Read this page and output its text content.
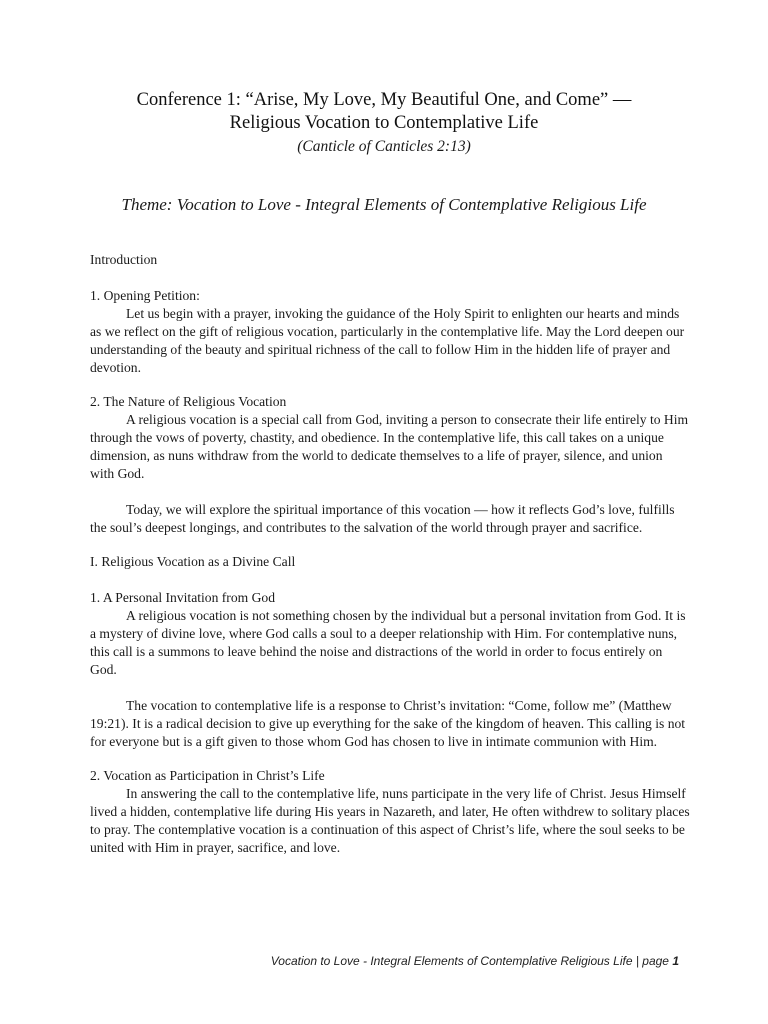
Conference 1: “Arise, My Love, My Beautiful One, and Come” —
Religious Vocation to Contemplative Life
(Canticle of Canticles 2:13)
Theme: Vocation to Love - Integral Elements of Contemplative Religious Life

Introduction

1. Opening Petition:

Let us begin with a prayer, invoking the guidance of the Holy Spirit to enlighten our hearts and minds as we reflect on the gift of religious vocation, particularly in the contemplative life. May the Lord deepen our understanding of the beauty and spiritual richness of the call to follow Him in the hidden life of prayer and devotion.

2. The Nature of Religious Vocation

A religious vocation is a special call from God, inviting a person to consecrate their life entirely to Him through the vows of poverty, chastity, and obedience. In the contemplative life, this call takes on a unique dimension, as nuns withdraw from the world to dedicate themselves to a life of prayer, silence, and union with God.

Today, we will explore the spiritual importance of this vocation — how it reflects God’s love, fulfills the soul’s deepest longings, and contributes to the salvation of the world through prayer and sacrifice.

I. Religious Vocation as a Divine Call

1. A Personal Invitation from God

A religious vocation is not something chosen by the individual but a personal invitation from God. It is a mystery of divine love, where God calls a soul to a deeper relationship with Him. For contemplative nuns, this call is a summons to leave behind the noise and distractions of the world in order to focus entirely on God.

The vocation to contemplative life is a response to Christ’s invitation: “Come, follow me” (Matthew 19:21). It is a radical decision to give up everything for the sake of the kingdom of heaven. This calling is not for everyone but is a gift given to those whom God has chosen to live in intimate communion with Him.

2. Vocation as Participation in Christ’s Life

In answering the call to the contemplative life, nuns participate in the very life of Christ. Jesus Himself lived a hidden, contemplative life during His years in Nazareth, and later, He often withdrew to solitary places to pray. The contemplative vocation is a continuation of this aspect of Christ’s life, where the soul seeks to be united with Him in prayer, sacrifice, and love.

Vocation to Love - Integral Elements of Contemplative Religious Life | page 1
